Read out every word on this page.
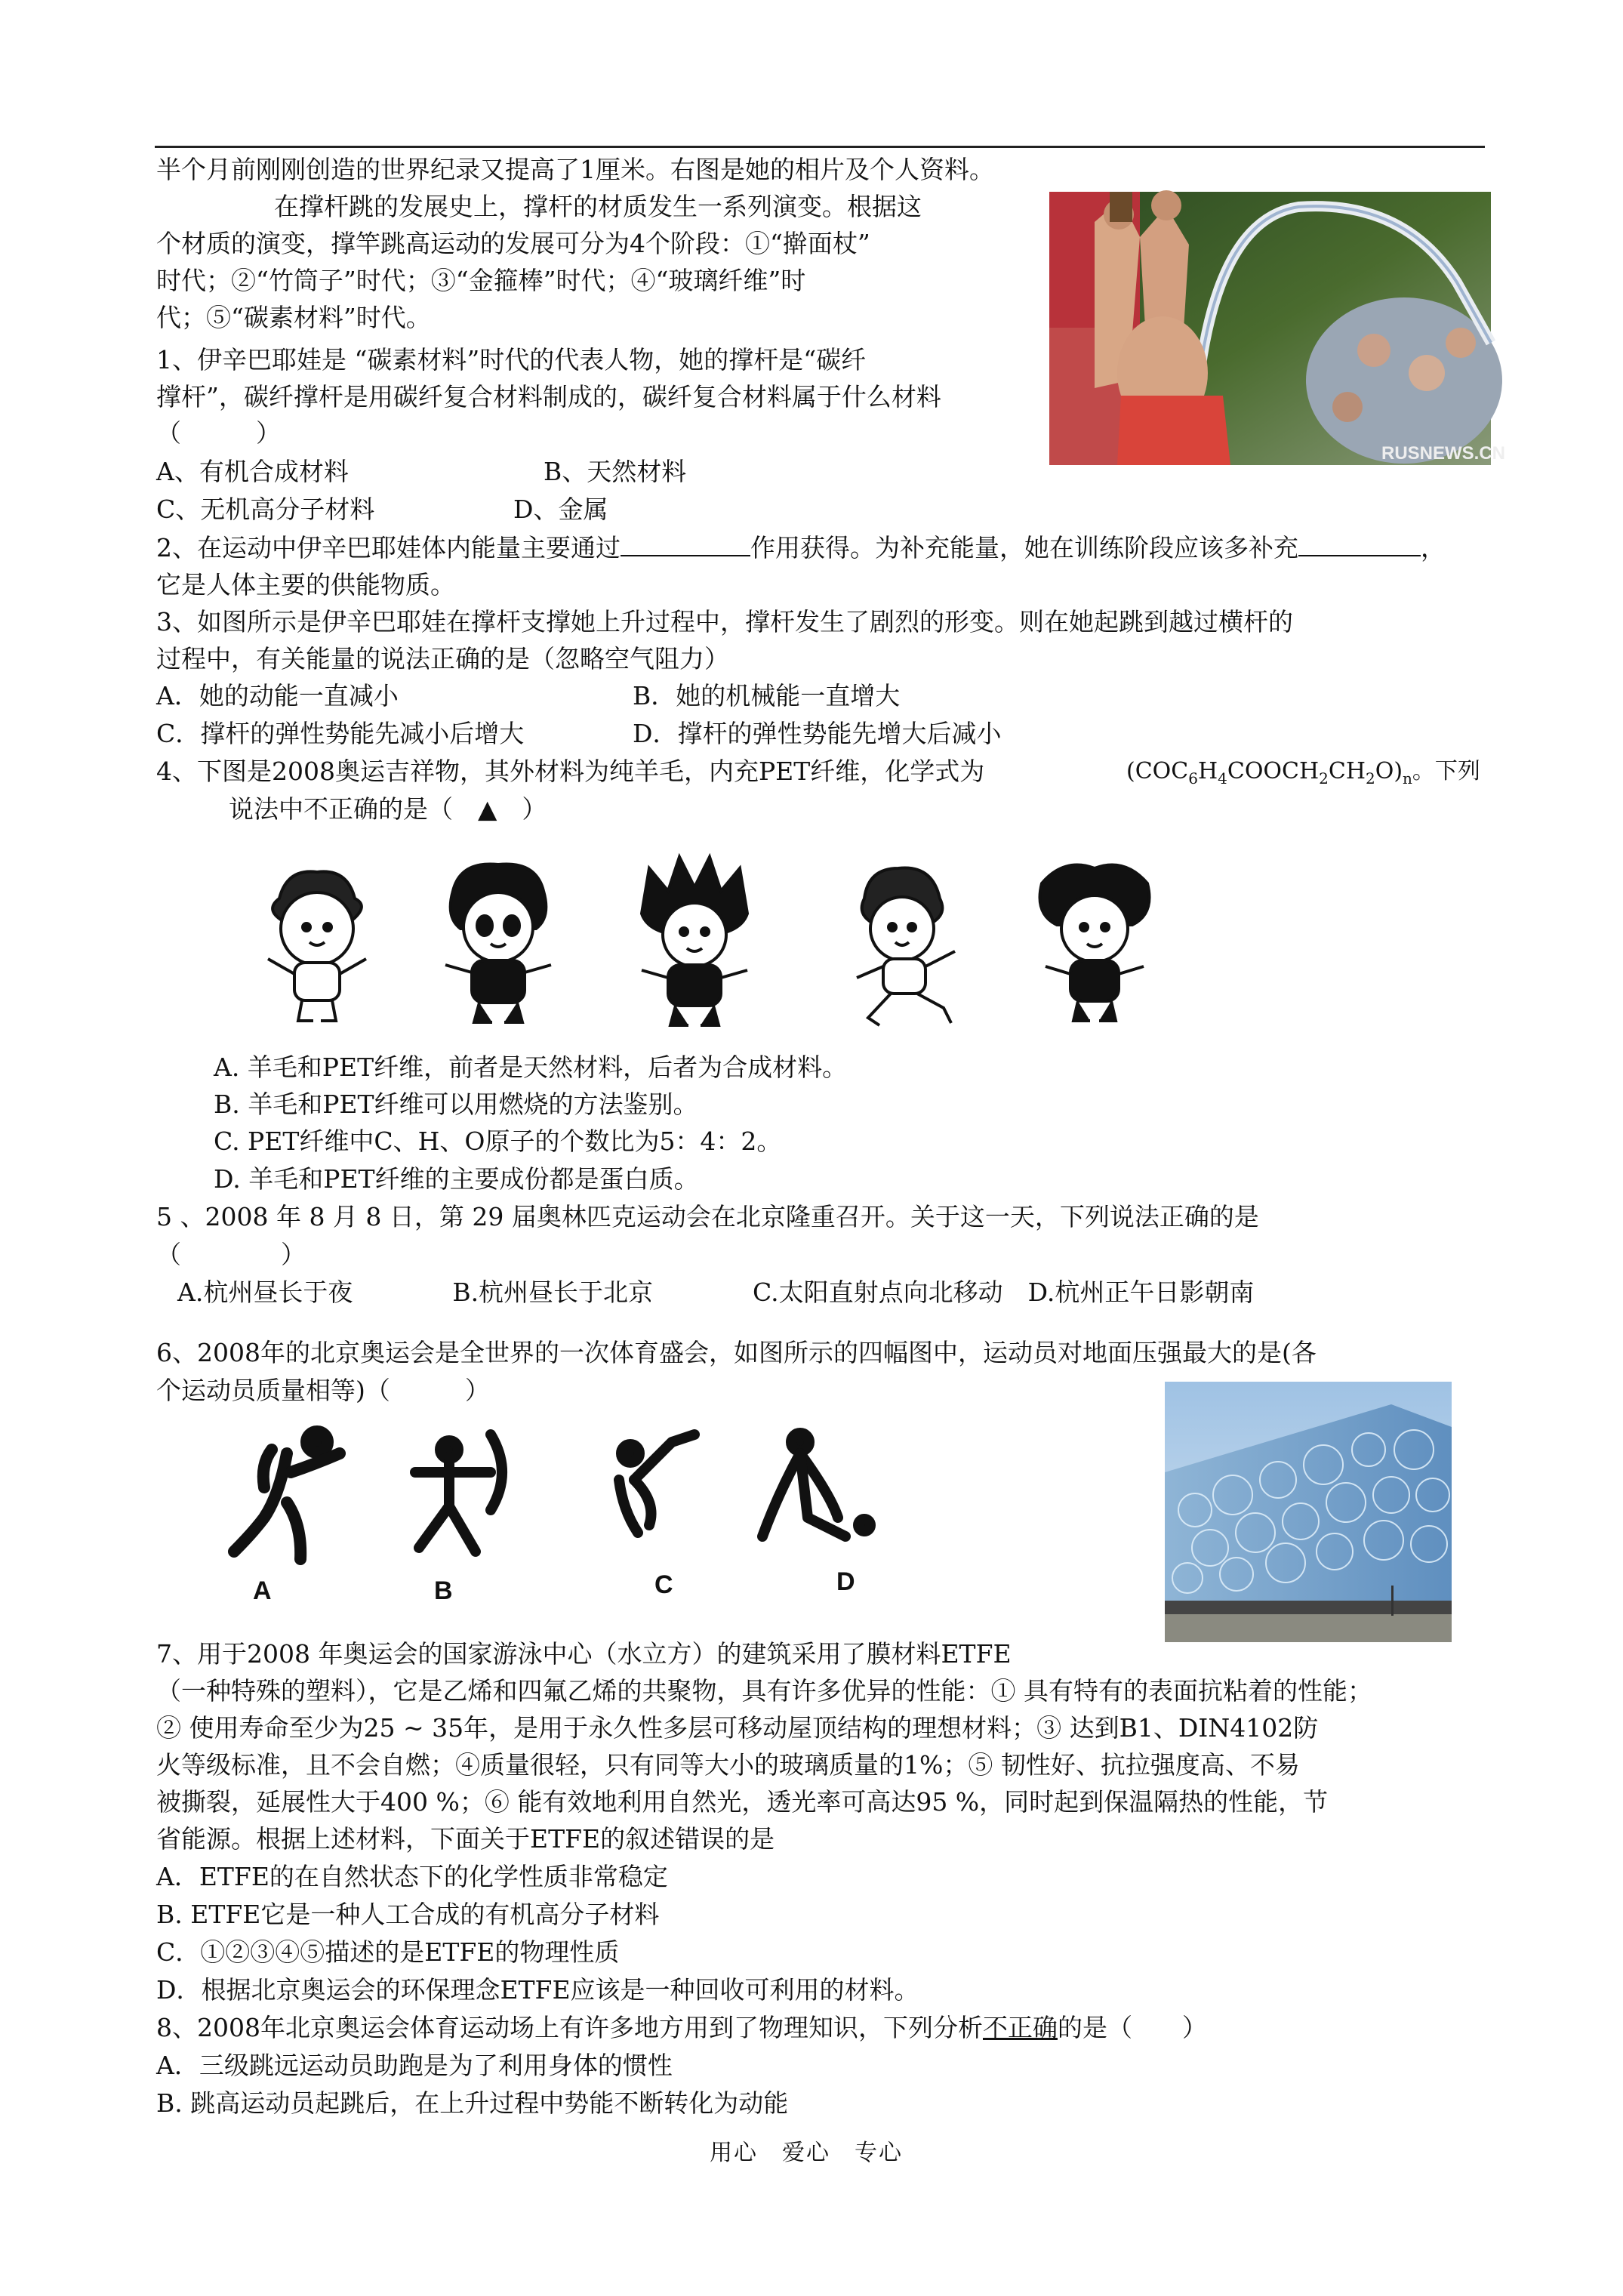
半个月前刚刚创造的世界纪录又提高了1厘米。右图是她的相片及个人资料。
在撑杆跳的发展史上，撑杆的材质发生一系列演变。根据这
个材质的演变，撑竿跳高运动的发展可分为4个阶段：①“擀面杖”
时代；②“竹筒子”时代；③“金箍棒”时代；④“玻璃纤维”时
代；⑤“碳素材料”时代。
RUSNEWS.CN
1、伊辛巴耶娃是 “碳素材料”时代的代表人物，她的撑杆是“碳纤
撑杆”，碳纤撑杆是用碳纤复合材料制成的，碳纤复合材料属于什么材料
（　　　）
A、有机合成材料	B、天然材料
C、无机高分子材料	D、金属
2、在运动中伊辛巴耶娃体内能量主要通过	作用获得。为补充能量，她在训练阶段应该多补充	，
它是人体主要的供能物质。
3、如图所示是伊辛巴耶娃在撑杆支撑她上升过程中，撑杆发生了剧烈的形变。则在她起跳到越过横杆的
过程中，有关能量的说法正确的是（忽略空气阻力）
A．她的动能一直减小	B．她的机械能一直增大
C．撑杆的弹性势能先减小后增大	D．撑杆的弹性势能先增大后减小
4、下图是2008奥运吉祥物，其外材料为纯羊毛，内充PET纤维，化学式为	$(COC_6H_4COOCH_2CH_2O)_n$。下列
说法中不正确的是（　▲　）
A. 羊毛和PET纤维，前者是天然材料，后者为合成材料。
B. 羊毛和PET纤维可以用燃烧的方法鉴别。
C. PET纤维中C、H、O原子的个数比为5：4：2。
D. 羊毛和PET纤维的主要成份都是蛋白质。
5 、2008 年 8 月 8 日，第 29 届奥林匹克运动会在北京隆重召开。关于这一天，下列说法正确的是
（　　　　）
A.杭州昼长于夜　　　　B.杭州昼长于北京　　　　C.太阳直射点向北移动　D.杭州正午日影朝南
6、2008年的北京奥运会是全世界的一次体育盛会，如图所示的四幅图中，运动员对地面压强最大的是(各
个运动员质量相等)（　　　）
A	B	C	D
7、用于2008 年奥运会的国家游泳中心（水立方）的建筑采用了膜材料ETFE
（一种特殊的塑料），它是乙烯和四氟乙烯的共聚物，具有许多优异的性能：① 具有特有的表面抗粘着的性能；
② 使用寿命至少为25 ~ 35年，是用于永久性多层可移动屋顶结构的理想材料；③ 达到B1、DIN4102防
火等级标准，且不会自燃；④质量很轻，只有同等大小的玻璃质量的1%；⑤ 韧性好、抗拉强度高、不易
被撕裂，延展性大于400 %；⑥ 能有效地利用自然光，透光率可高达95 %，同时起到保温隔热的性能，节
省能源。根据上述材料，下面关于ETFE的叙述错误的是
A．ETFE的在自然状态下的化学性质非常稳定
B. ETFE它是一种人工合成的有机高分子材料
C．①②③④⑤描述的是ETFE的物理性质
D．根据北京奥运会的环保理念ETFE应该是一种回收可利用的材料。
8、2008年北京奥运会体育运动场上有许多地方用到了物理知识，下列分析不正确的是（　　）
A．三级跳远运动员助跑是为了利用身体的惯性
B. 跳高运动员起跳后，在上升过程中势能不断转化为动能
用心　爱心　专心
